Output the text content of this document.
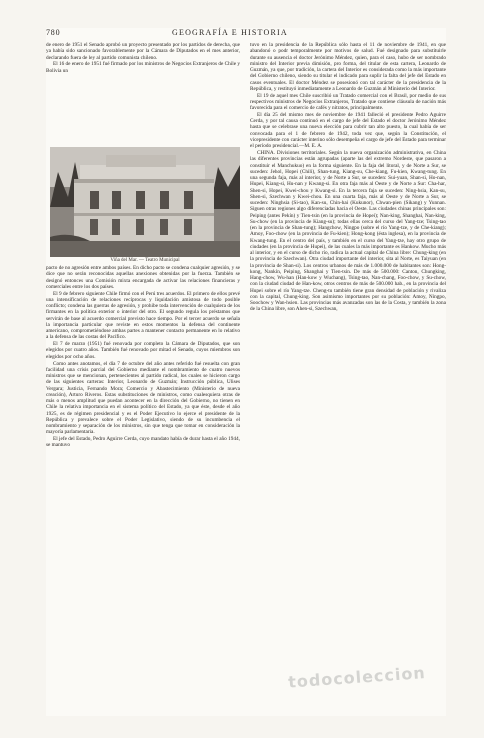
780	GEOGRAFÍA E HISTORIA

de enero de 1951 el Senado aprobó un proyecto presentado por los partidos de derecha, que ya había sido sancionado favorablemente por la Cámara de Diputados en el mes anterior, declarando fuera de ley al partido comunista chileno.

El 16 de enero de 1951 fué firmado por los ministros de Negocios Extranjeros de Chile y Bolivia un

Viña del Mar. — Teatro Municipal

pacto de no agresión entre ambos países. En dicho pacto se condena cualquier agresión, y se dice que no serán reconocidas aquellas anexiones obtenidas por la fuerza. También se designó entonces una Comisión mixta encargada de activar las relaciones financieras y comerciales entre los dos países.

El 9 de febrero siguiente Chile firmó con el Perú tres acuerdos. El primero de ellos prevé una intensificación de relaciones recíprocas y liquidación amistosa de todo posible conflicto; condena las guerras de agresión, y prohibe toda intervención de cualquiera de los firmantes en la política exterior o interior del otro. El segundo regula los préstamos que servirán de base al acuerdo comercial previsto hace tiempo. Por el tercer acuerdo se señala la importancia particular que reviste en estos momentos la defensa del continente americano, comprometiéndose ambas partes a mantener contacto permanente en lo relativo a la defensa de las costas del Pacífico.

El 7 de marzo (1951) fué renovada por completo la Cámara de Diputados, que son elegidos por cuatro años. También fué renovado por mitad el Senado, cuyos miembros son elegidos por ocho años.

Como antes anotamos, el día 7 de octubre del año antes referido fué resuelta con gran facilidad una crisis parcial del Gobierno mediante el nombramiento de cuatro nuevos ministros que se mencionan, pertenecientes al partido radical, los cuales se hicieron cargo de las siguientes carteras: Interior, Leonardo de Guzmán; Instrucción pública, Ulises Vergara; Justicia, Fernando Mora; Comercio y Abastecimiento (Ministerio de nueva creación), Arturo Riveros. Estas substituciones de ministros, como cualesquiera otras de más o menos amplitud que puedan acontecer en la dirección del Gobierno, no tienen en Chile la relativa importancia en el sistema político del Estado, ya que éste, desde el año 1925, es de régimen presidencial y es el Poder Ejecutivo lo ejerce el presidente de la República y prevalece sobre el Poder Legislativo, siendo de su incumbencia el nombramiento y separación de los ministros, sin que tenga que tomar en consideración la mayoría parlamentaria.

El jefe del Estado, Pedro Aguirre Cerda, cuyo mandato había de durar hasta el año 1944, se mantuvo

tuvo en la presidencia de la República sólo hasta el 11 de noviembre de 1941, en que abandonó o podr temporalmente por motivos de salud. Fué designado para substituirle durante su ausencia el doctor Jerónimo Méndez, quien, para el caso, hubo de ser nombrado ministro del Interior previa dimisión, pro forma, del titular de esta cartera, Leonardo de Guzmán, ya que, por tradición, la cartera del Interior es considerada como la más importante del Gobierno chileno, siendo su titular el indicado para suplir la falta del jefe del Estado en casos eventuales. El doctor Méndez se posesionó con tal carácter de la presidencia de la República, y restituyó inmediatamente a Leonardo de Guzmán al Ministerio del Interior.

El 19 de aquel mes Chile suscribió un Tratado comercial con el Brasil, por medio de sus respectivos ministros de Negocios Extranjeros, Tratado que contiene cláusula de nación más favorecida para el comercio de cafés y nitratos, principalmente.

El día 25 del mismo mes de noviembre de 1941 falleció el presidente Pedro Aguirre Cerda, y por tal causa continuó en el cargo de jefe del Estado el doctor Jerónimo Méndez hasta que se celebrase una nueva elección para cubrir tan alto puesto, la cual había de ser convocada para el 1 de febrero de 1942, toda vez que, según la Constitución, el vicepresidente con carácter interino sólo desempeña el cargo de jefe del Estado para terminar el período presidencial.—M. E. A.

CHINA. Divisiones territoriales. Según la nueva organización administrativa, en China las diferentes provincias están agrupadas (aparte las del extremo Nordeste, que pasaron a constituir el Manchukuo) en la forma siguiente. En la faja del litoral, y de Norte a Sur, se suceden: Jehol, Hopei (Chili), Shan-tung, Kiang-su, Che-kiang, Fu-kien, Kwang-tung. En una segunda faja, más al interior, y de Norte a Sur, se suceden: Sui-yuan, Shan-si, Ho-nan, Hupei, Kiang-si, Hu-nan y Kwang-si. En otra faja más al Oeste y de Norte a Sur: Cha-har, Shen-si, Hopei, Kwei-chou y Kwang-si. En la tercera faja se suceden: Ning-hsia, Kan-su, Shen-si, Szechwan y Kwei-chou. En una cuarta faja, más al Oeste y de Norte a Sur, se suceden: Ninghsia (Si-tao), Kan-su, Chin-hai (Kukunor), Chwan-pien (Sikang) y Yunnan. Siguen otras regiones algo diferenciadas hacia el Oeste. Las ciudades chinas principales son: Peiping (antes Pekín) y Tien-tsin (en la provincia de Hopei); Nan-king, Shanghai, Nan-king, Su-chow (en la provincia de Kiang-su); todas ellas cerca del curso del Yang-tze; Tsing-tao (en la provincia de Shan-tung); Hangchow, Ningpo (sobre el río Yang-tze, y de Che-kiang); Amoy, Foo-chow (en la provincia de Fu-kien); Hong-kong (ésta inglesa), en la provincia de Kwang-tung. En el centro del país, y también en el curso del Yang-tze, hay otro grupo de ciudades (en la provincia de Hupei), de las cuales la más importante es Hankow. Mucho más al interior, y en el curso de dicho río, radica la actual capital de China libre: Chung-king (en la provincia de Szechwan). Otra ciudad importante del interior, sita al Norte, es Taiyuan (en la provincia de Shan-si). Los centros urbanos de más de 1.000.000 de habitantes son: Hong-kong, Nankín, Peiping, Shanghai y Tien-tsin. De más de 500.000: Canton, Chungking, Hang-chow, Wu-han (Han-kow y Wuchang), Tsing-tao, Nan-chang, Foo-chow, y Su-chow, con la ciudad ciudad de Han-kow, otros centros de más de 500.000 hab., en la provincia del Hupei sobre el río Yang-tze. Cheng-tu también tiene gran densidad de población y rivaliza con la capital, Chung-king. Son asimismo importantes por su población: Amoy, Ningpo, Soochow y Wan-hsien. Las provincias más avanzadas son las de la Costa, y también la zona de la China libre, son Ahen-si, Szechwan,

todocoleccion
